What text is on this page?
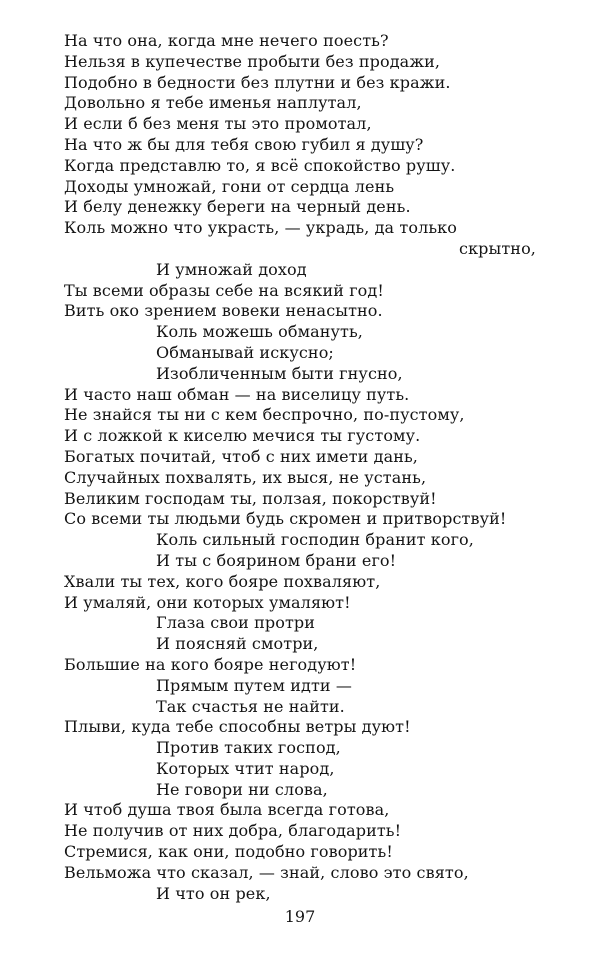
На что она, когда мне нечего поесть?
Нельзя в купечестве пробыти без продажи,
Подобно в бедности без плутни и без кражи.
Довольно я тебе именья наплутал,
И если б без меня ты это промотал,
На что ж бы для тебя свою губил я душу?
Когда представлю то, я всё спокойство рушу.
Доходы умножай, гони от сердца лень
И белу денежку береги на черный день.
Коль можно что украсть, — украдь, да только
скрытно,
И умножай доход
Ты всеми образы себе на всякий год!
Вить око зрением вовеки ненасытно.
Коль можешь обмануть,
Обманывай искусно;
Изобличенным быти гнусно,
И часто наш обман — на виселицу путь.
Не знайся ты ни с кем беспрочно, по-пустому,
И с ложкой к киселю мечися ты густому.
Богатых почитай, чтоб с них имети дань,
Случайных похвалять, их выся, не устань,
Великим господам ты, ползая, покорствуй!
Со всеми ты людьми будь скромен и притворствуй!
Коль сильный господин бранит кого,
И ты с боярином брани его!
Хвали ты тех, кого бояре похваляют,
И умаляй, они которых умаляют!
Глаза свои протри
И поясняй смотри,
Большие на кого бояре негодуют!
Прямым путем идти —
Так счастья не найти.
Плыви, куда тебе способны ветры дуют!
Против таких господ,
Которых чтит народ,
Не говори ни слова,
И чтоб душа твоя была всегда готова,
Не получив от них добра, благодарить!
Стремися, как они, подобно говорить!
Вельможа что сказал, — знай, слово это свято,
И что он рек,
197
